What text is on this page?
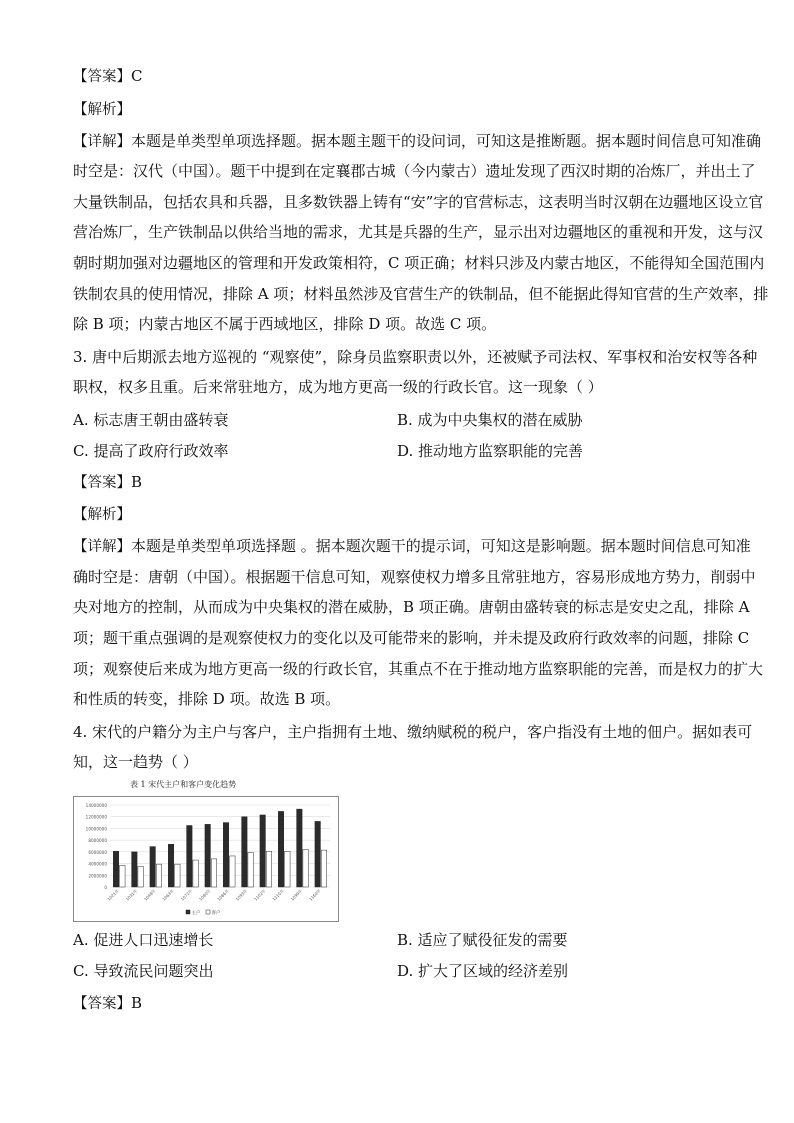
【答案】C
【解析】
【详解】本题是单类型单项选择题。据本题主题干的设问词，可知这是推断题。据本题时间信息可知准确
时空是：汉代（中国）。题干中提到在定襄郡古城（今内蒙古）遗址发现了西汉时期的冶炼厂，并出土了
大量铁制品，包括农具和兵器，且多数铁器上铸有“安”字的官营标志，这表明当时汉朝在边疆地区设立官
营冶炼厂，生产铁制品以供给当地的需求，尤其是兵器的生产，显示出对边疆地区的重视和开发，这与汉
朝时期加强对边疆地区的管理和开发政策相符，C 项正确；材料只涉及内蒙古地区，不能得知全国范围内
铁制农具的使用情况，排除 A 项；材料虽然涉及官营生产的铁制品，但不能据此得知官营的生产效率，排
除 B 项；内蒙古地区不属于西域地区，排除 D 项。故选 C 项。
3. 唐中后期派去地方巡视的 “观察使”，除身员监察职责以外，还被赋予司法权、军事权和治安权等各种
职权，权多且重。后来常驻地方，成为地方更高一级的行政长官。这一现象（ ）
A. 标志唐王朝由盛转衰	B. 成为中央集权的潜在威胁
C. 提高了政府行政效率	D. 推动地方监察职能的完善
【答案】B
【解析】
【详解】本题是单类型单项选择题 。据本题次题干的提示词，可知这是影响题。据本题时间信息可知准
确时空是：唐朝（中国）。根据题干信息可知，观察使权力增多且常驻地方，容易形成地方势力，削弱中
央对地方的控制，从而成为中央集权的潜在威胁，B 项正确。唐朝由盛转衰的标志是安史之乱，排除 A
项；题干重点强调的是观察使权力的变化以及可能带来的影响，并未提及政府行政效率的问题，排除 C
项；观察使后来成为地方更高一级的行政长官，其重点不在于推动地方监察职能的完善，而是权力的扩大
和性质的转变，排除 D 项。故选 B 项。
4. 宋代的户籍分为主户与客户，主户指拥有土地、缴纳赋税的税户，客户指没有土地的佃户。据如表可
知，这一趋势（ ）
表 1 宋代主户和客户变化趋势
14000000
12000000
10000000
8000000
6000000
4000000
2000000
0
1021年 1031年 1048年 1063年 1072年 1080年 1086年 1093年 1102年 1110年 1099年 1160年
主户 客户
A. 促进人口迅速增长	B. 适应了赋役征发的需要
C. 导致流民问题突出	D. 扩大了区域的经济差别
【答案】B
